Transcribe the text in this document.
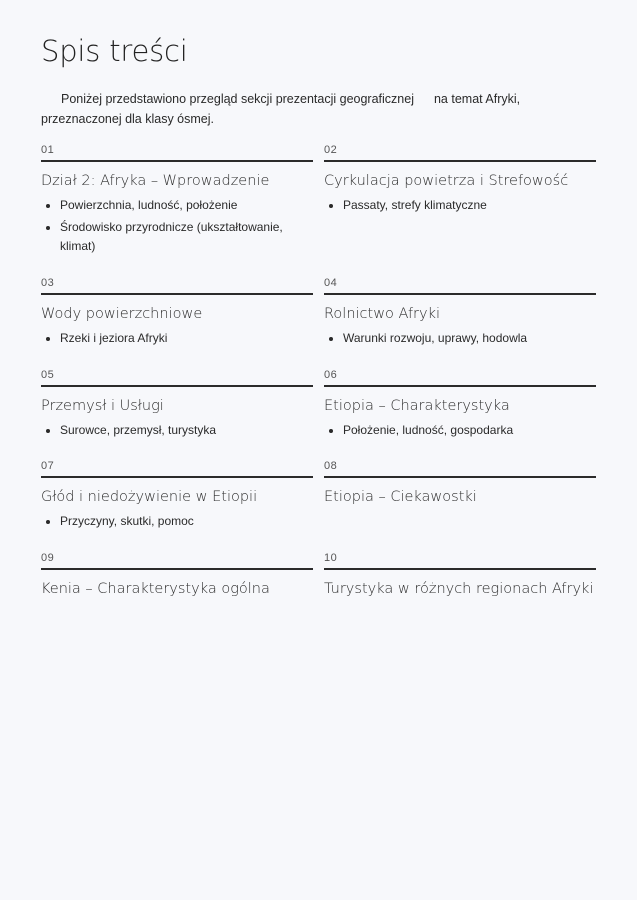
Spis treści
Poniżej przedstawiono przegląd sekcji prezentacji geograficznej na temat Afryki, przeznaczonej dla klasy ósmej.
01
Dział 2: Afryka – Wprowadzenie
Powierzchnia, ludność, położenie
Środowisko przyrodnicze (ukształtowanie, klimat)
02
Cyrkulacja powietrza i Strefowość
Passaty, strefy klimatyczne
03
Wody powierzchniowe
Rzeki i jeziora Afryki
04
Rolnictwo Afryki
Warunki rozwoju, uprawy, hodowla
05
Przemysł i Usługi
Surowce, przemysł, turystyka
06
Etiopia – Charakterystyka
Położenie, ludność, gospodarka
07
Głód i niedożywienie w Etiopii
Przyczyny, skutki, pomoc
08
Etiopia – Ciekawostki
09
Kenia – Charakterystyka ogólna
10
Turystyka w różnych regionach Afryki
